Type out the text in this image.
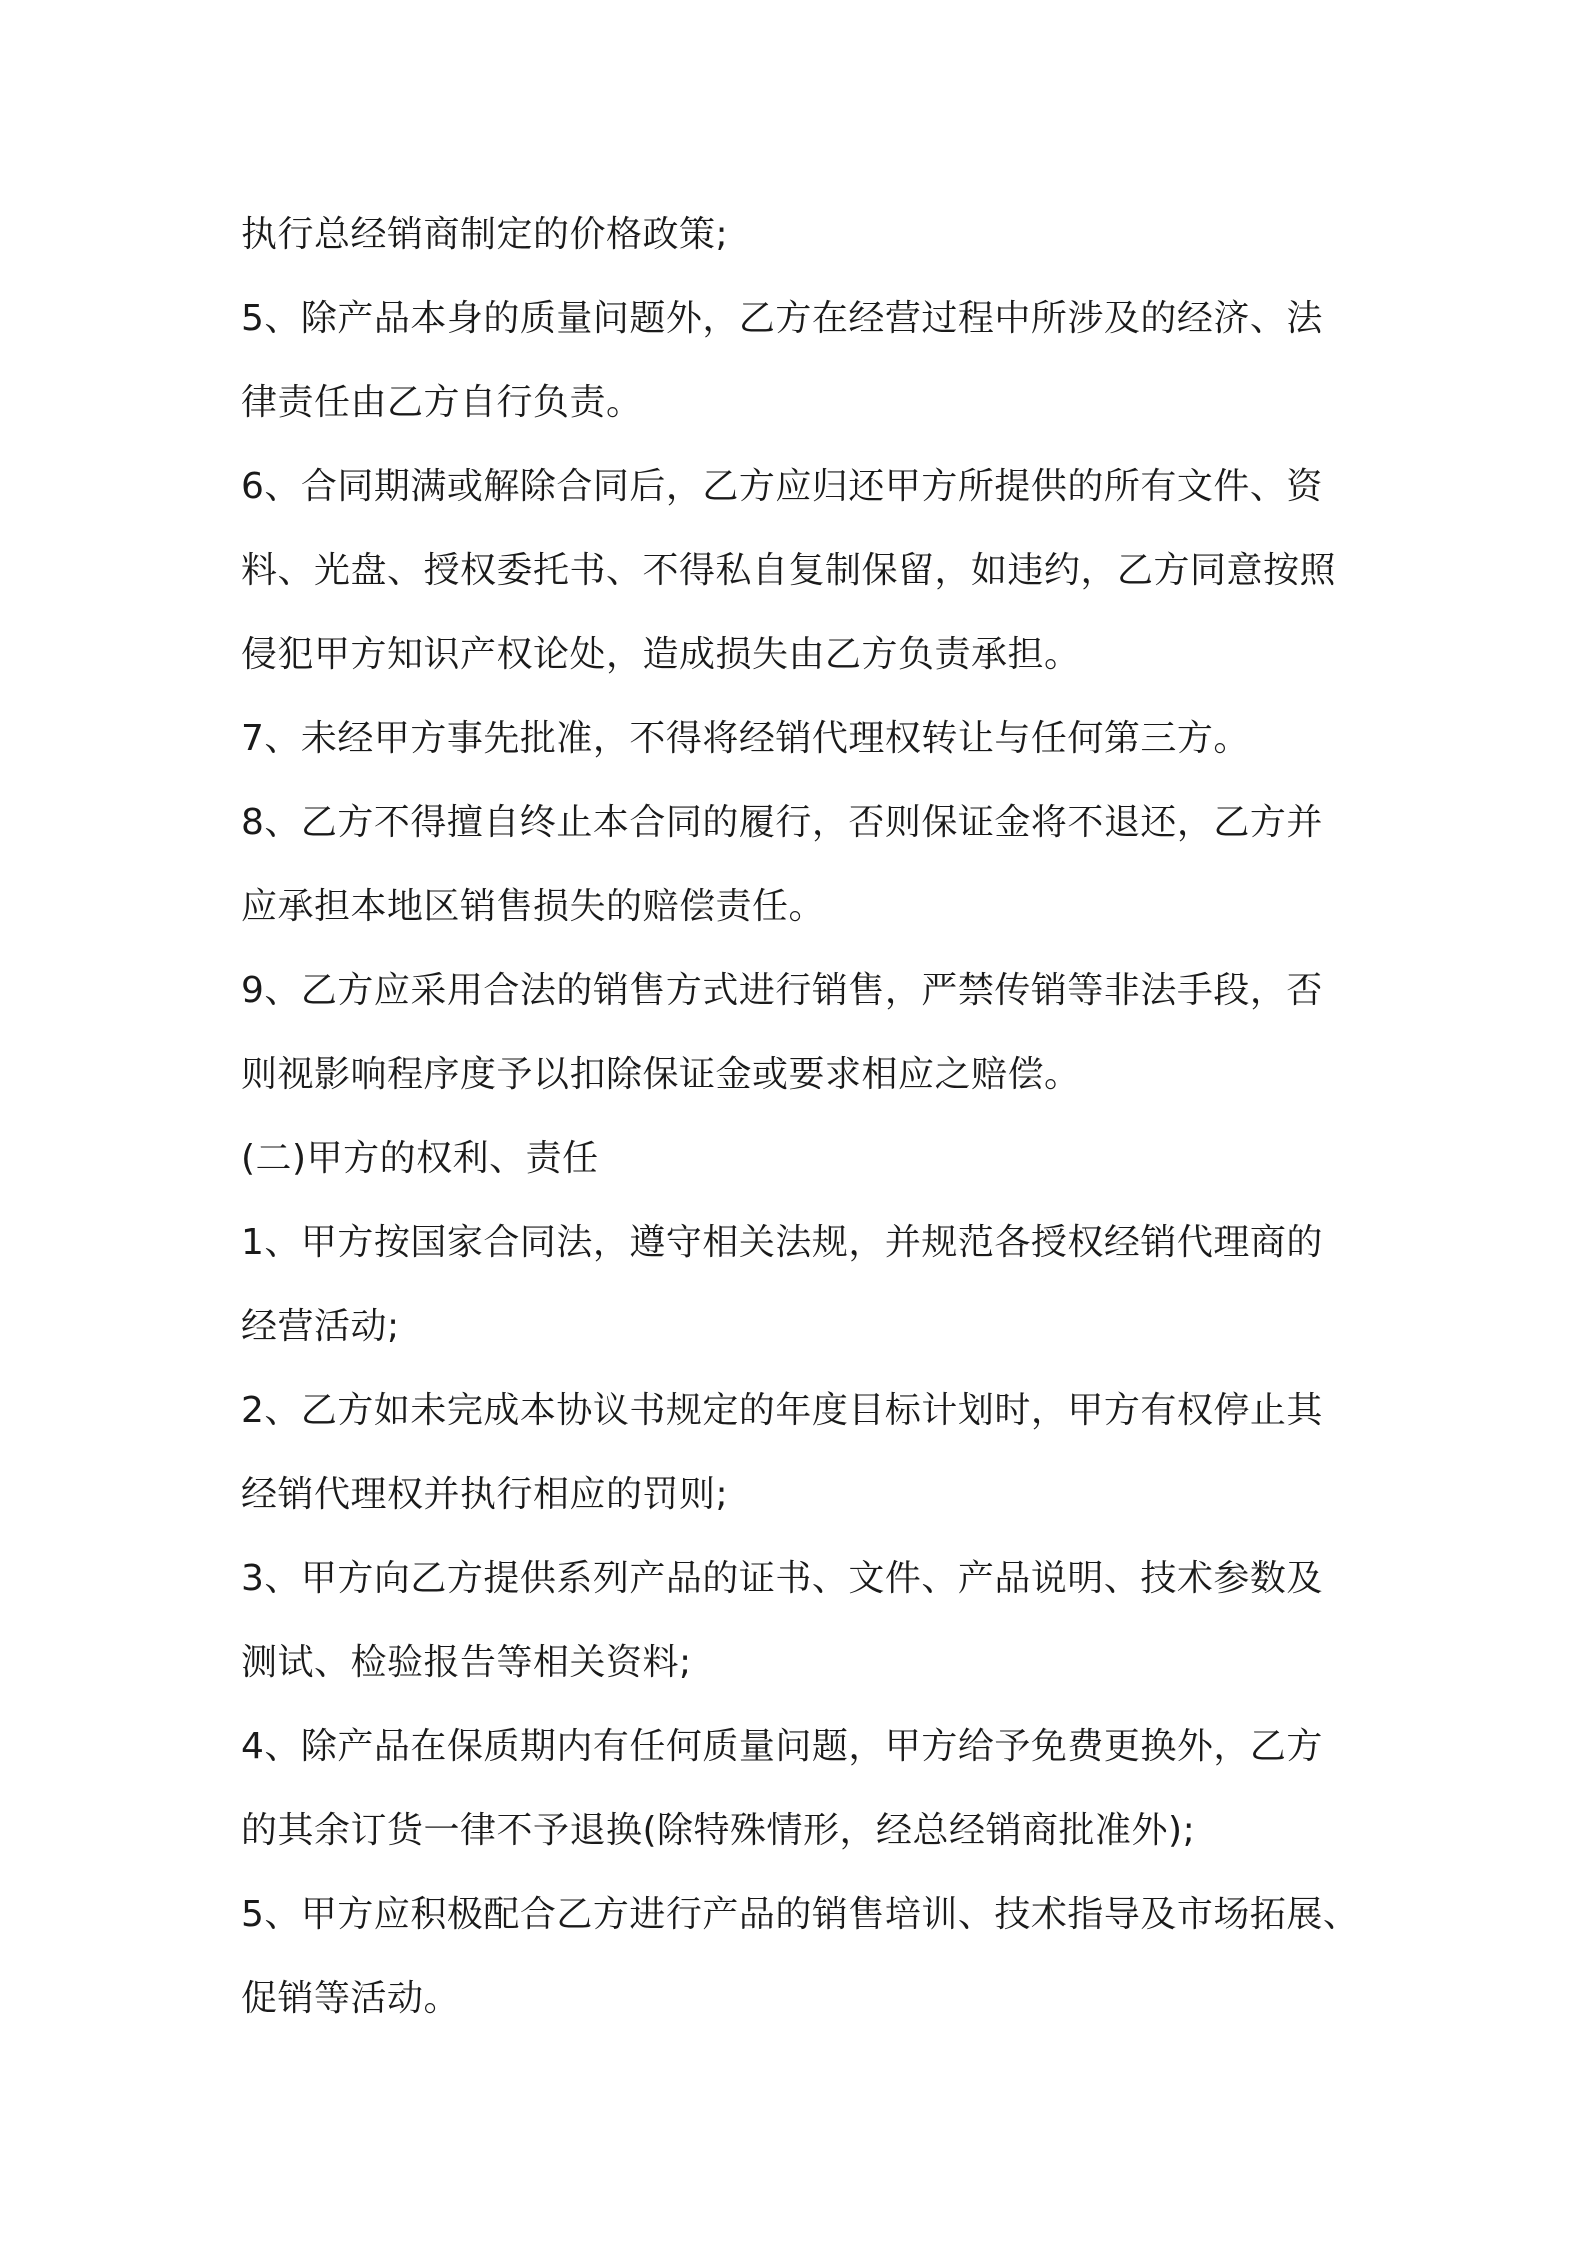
执行总经销商制定的价格政策;
5、除产品本身的质量问题外，乙方在经营过程中所涉及的经济、法
律责任由乙方自行负责。
6、合同期满或解除合同后，乙方应归还甲方所提供的所有文件、资
料、光盘、授权委托书、不得私自复制保留，如违约，乙方同意按照
侵犯甲方知识产权论处，造成损失由乙方负责承担。
7、未经甲方事先批准，不得将经销代理权转让与任何第三方。
8、乙方不得擅自终止本合同的履行，否则保证金将不退还，乙方并
应承担本地区销售损失的赔偿责任。
9、乙方应采用合法的销售方式进行销售，严禁传销等非法手段，否
则视影响程序度予以扣除保证金或要求相应之赔偿。
(二)甲方的权利、责任
1、甲方按国家合同法，遵守相关法规，并规范各授权经销代理商的
经营活动;
2、乙方如未完成本协议书规定的年度目标计划时，甲方有权停止其
经销代理权并执行相应的罚则;
3、甲方向乙方提供系列产品的证书、文件、产品说明、技术参数及
测试、检验报告等相关资料;
4、除产品在保质期内有任何质量问题，甲方给予免费更换外，乙方
的其余订货一律不予退换(除特殊情形，经总经销商批准外);
5、甲方应积极配合乙方进行产品的销售培训、技术指导及市场拓展、
促销等活动。
